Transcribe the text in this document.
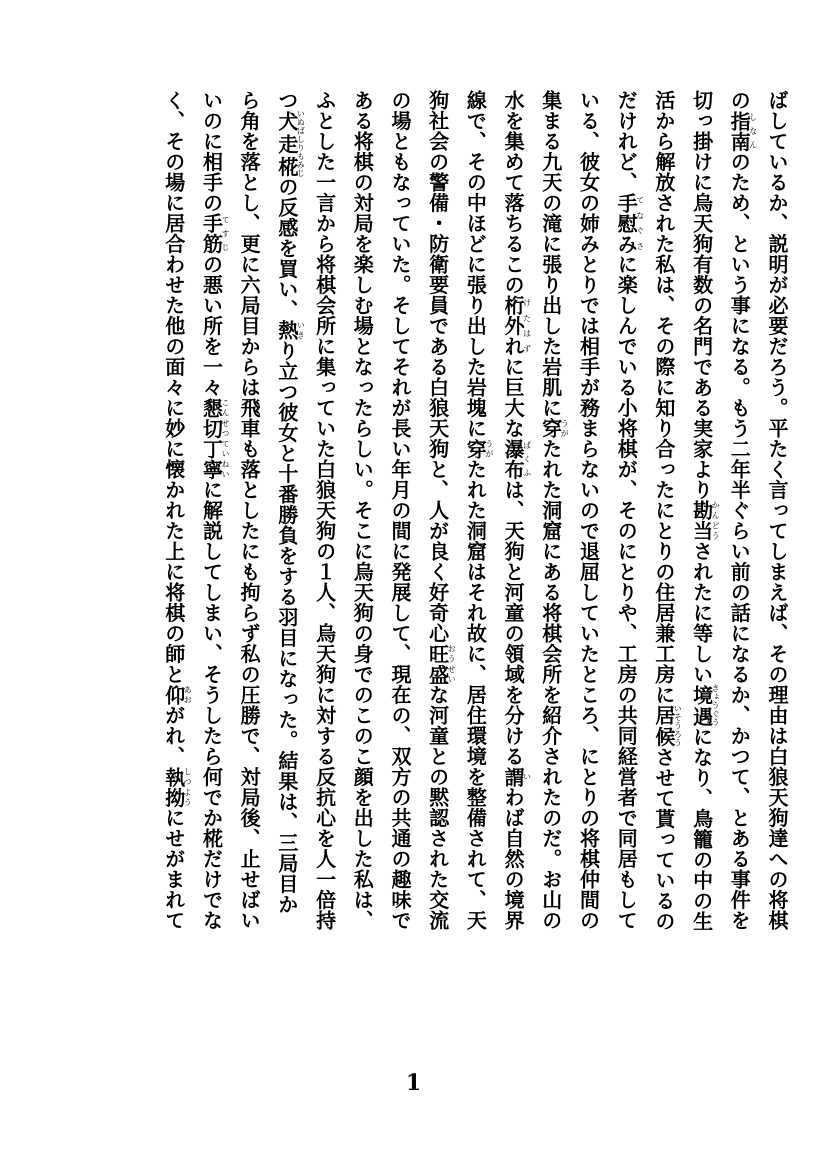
ばしているか、説明が必要だろう。平たく言ってしまえば、その理由は白狼天狗達への将棋
の指南しなんのため、という事になる。もう二年半ぐらい前の話になるか、かつて、とある事件を
切っ掛けに烏天狗有数の名門である実家より勘当かんどうされたに等しい境遇きょうぐうになり、鳥籠の中の生
活から解放された私は、その際に知り合ったにとりの住居兼工房に居候いそうろうさせて貰っているの
だけれど、手慰みてなぐさに楽しんでいる小将棋が、そのにとりや、工房の共同経営者で同居もして
いる、彼女の姉みとりでは相手が務まらないので退屈していたところ、にとりの将棋仲間の
集まる九天の滝に張り出した岩肌に穿うがたれた洞窟にある将棋会所を紹介されたのだ。お山の
水を集めて落ちるこの桁外れけたはずに巨大な瀑布ばくふは、天狗と河童の領域を分ける謂いわば自然の境界
線で、その中ほどに張り出した岩塊に穿うがたれた洞窟はそれ故に、居住環境を整備されて、天
狗社会の警備・防衛要員である白狼天狗と、人が良く好奇心旺盛おうせいな河童との黙認された交流
の場ともなっていた。そしてそれが長い年月の間に発展して、現在の、双方の共通の趣味で
ある将棋の対局を楽しむ場となったらしい。そこに烏天狗の身でのこのこ顔を出した私は、
ふとした一言から将棋会所に集っていた白狼天狗の１人、烏天狗に対する反抗心を人一倍持
つ犬走椛いぬばしりもみじの反感を買い、熱いきり立つ彼女と十番勝負をする羽目になった。結果は、三局目か
ら角を落とし、更に六局目からは飛車も落としたにも拘らず私の圧勝で、対局後、止せばい
いのに相手の手筋てすじの悪い所を一々懇切丁寧こんせつていねいに解説してしまい、そうしたら何でか椛だけでな
く、その場に居合わせた他の面々に妙に懐かれた上に将棋の師と仰あおがれ、執拗しつようにせがまれて
1
